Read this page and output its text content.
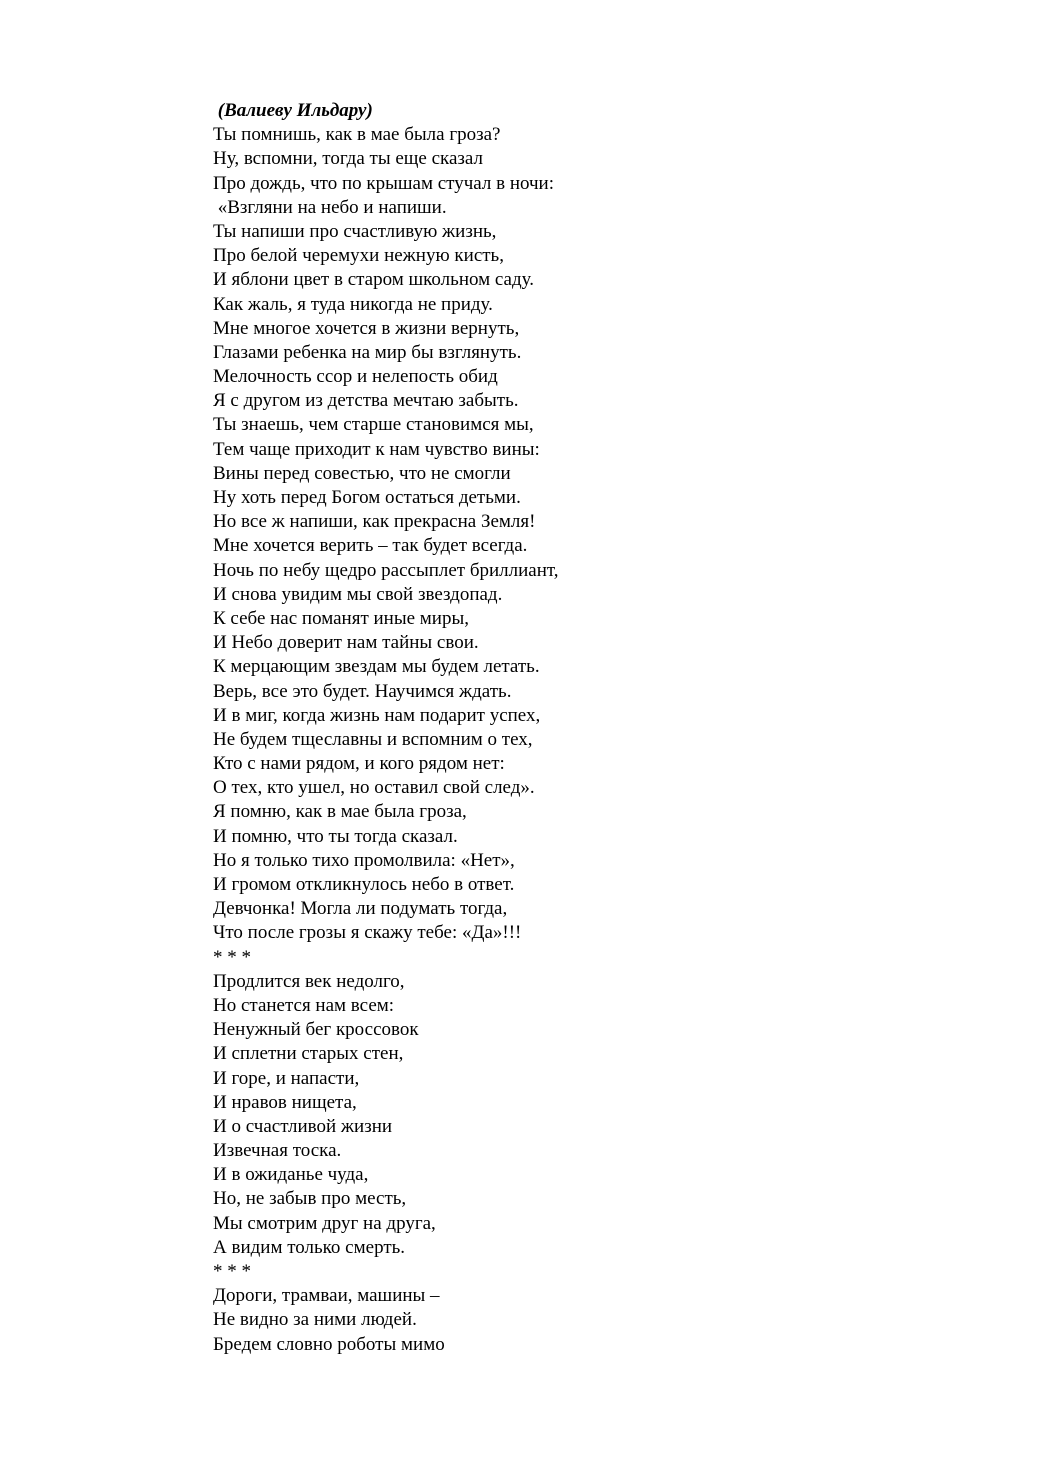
(Валиеву Ильдару)
Ты помнишь, как в мае была гроза?
Ну, вспомни, тогда ты еще сказал
Про дождь, что по крышам стучал в ночи:
«Взгляни на небо и напиши.
Ты напиши про счастливую жизнь,
Про белой черемухи нежную кисть,
И яблони цвет в старом школьном саду.
Как жаль, я туда никогда не приду.
Мне многое хочется в жизни вернуть,
Глазами ребенка на мир бы взглянуть.
Мелочность ссор и нелепость обид
Я с другом из детства мечтаю забыть.
Ты знаешь, чем старше становимся мы,
Тем чаще приходит к нам чувство вины:
Вины перед совестью, что не смогли
Ну хоть перед Богом остаться детьми.
Но все ж напиши, как прекрасна Земля!
Мне хочется верить – так будет всегда.
Ночь по небу щедро рассыплет бриллиант,
И снова увидим мы свой звездопад.
К себе нас поманят иные миры,
И Небо доверит нам тайны свои.
К мерцающим звездам мы будем летать.
Верь, все это будет. Научимся ждать.
И в миг, когда жизнь нам подарит успех,
Не будем тщеславны и вспомним о тех,
Кто с нами рядом, и кого рядом нет:
О тех, кто ушел, но оставил свой след».
Я помню, как в мае была гроза,
И помню, что ты тогда сказал.
Но я только тихо промолвила: «Нет»,
И громом откликнулось небо в ответ.
Девчонка! Могла ли подумать тогда,
Что после грозы я скажу тебе: «Да»!!!
* * *
Продлится век недолго,
Но станется нам всем:
Ненужный бег кроссовок
И сплетни старых стен,
И горе, и напасти,
И нравов нищета,
И о счастливой жизни
Извечная тоска.
И в ожиданье чуда,
Но, не забыв про месть,
Мы смотрим друг на друга,
А видим только смерть.
* * *
Дороги, трамваи, машины –
Не видно за ними людей.
Бредем словно роботы мимо
